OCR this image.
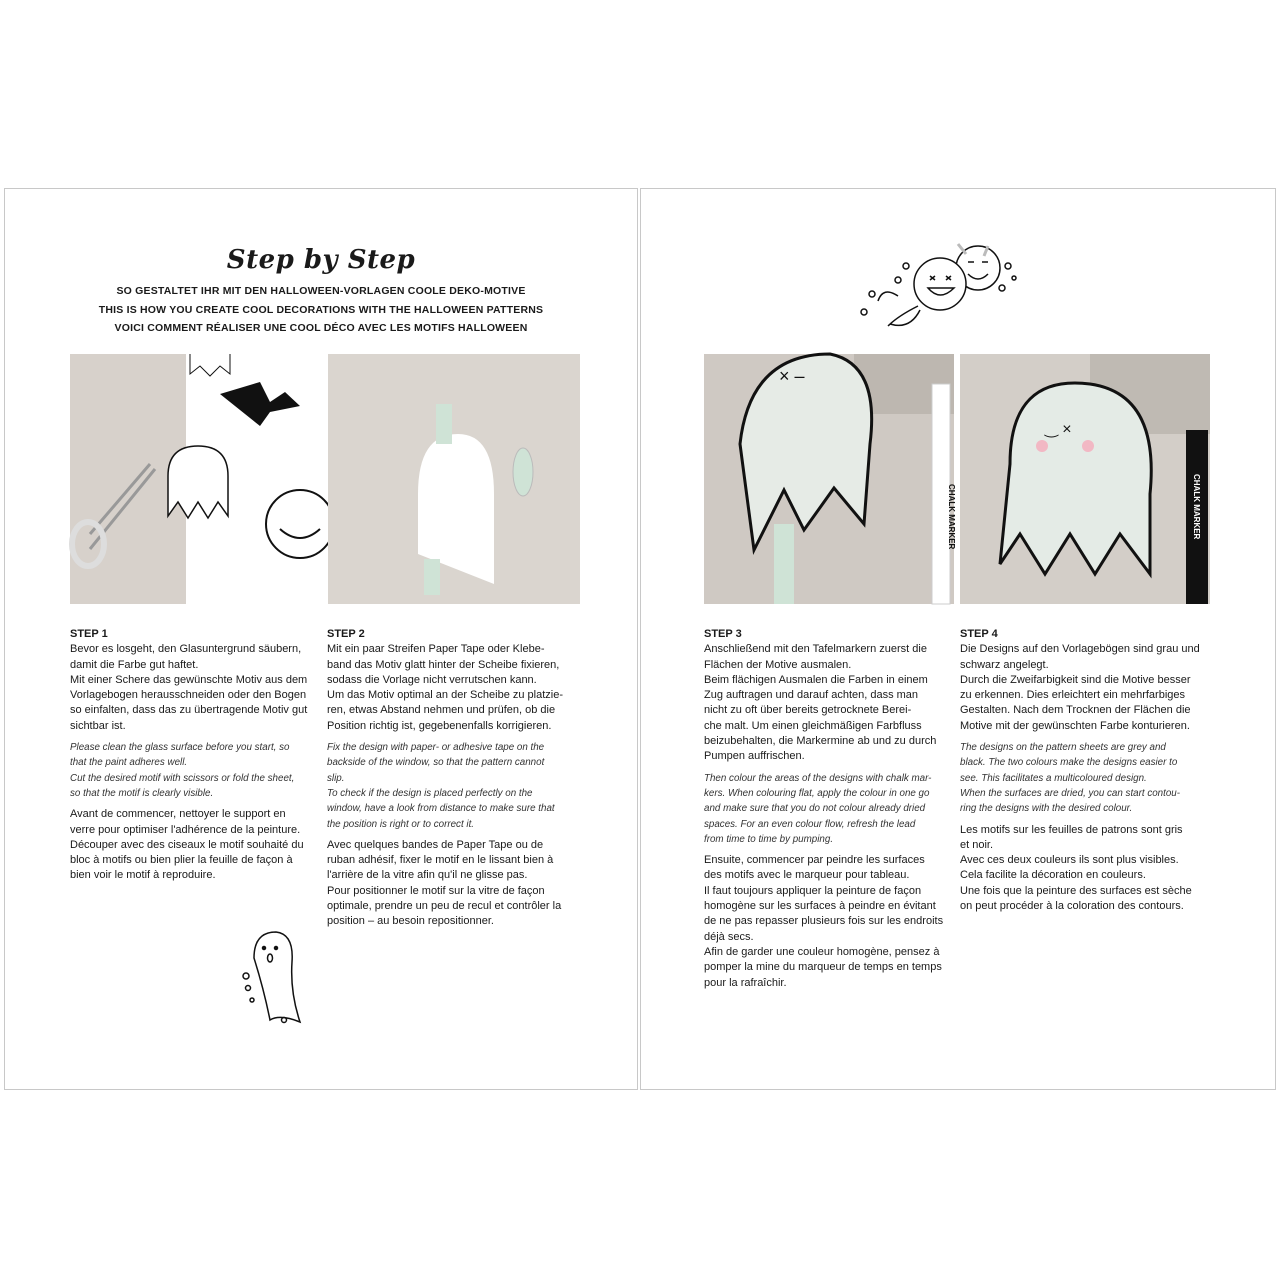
Step by Step
SO GESTALTET IHR MIT DEN HALLOWEEN-VORLAGEN COOLE DEKO-MOTIVE
THIS IS HOW YOU CREATE COOL DECORATIONS WITH THE HALLOWEEN PATTERNS
VOICI COMMENT RÉALISER UNE COOL DÉCO AVEC LES MOTIFS HALLOWEEN
× ‒
CHALK MARKER
‿ ×
CHALK MARKER
STEP 1

Bevor es losgeht, den Glasuntergrund säubern,
damit die Farbe gut haftet.
Mit einer Schere das gewünschte Motiv aus dem
Vorlagebogen herausschneiden oder den Bogen
so einfalten, dass das zu übertragende Motiv gut
sichtbar ist.

Please clean the glass surface before you start, so
that the paint adheres well.
Cut the desired motif with scissors or fold the sheet,
so that the motif is clearly visible.

Avant de commencer, nettoyer le support en
verre pour optimiser l'adhérence de la peinture.
Découper avec des ciseaux le motif souhaité du
bloc à motifs ou bien plier la feuille de façon à
bien voir le motif à reproduire.

STEP 2

Mit ein paar Streifen Paper Tape oder Klebe-
band das Motiv glatt hinter der Scheibe fixieren,
sodass die Vorlage nicht verrutschen kann.
Um das Motiv optimal an der Scheibe zu platzie-
ren, etwas Abstand nehmen und prüfen, ob die
Position richtig ist, gegebenenfalls korrigieren.

Fix the design with paper- or adhesive tape on the
backside of the window, so that the pattern cannot
slip.
To check if the design is placed perfectly on the
window, have a look from distance to make sure that
the position is right or to correct it.

Avec quelques bandes de Paper Tape ou de
ruban adhésif, fixer le motif en le lissant bien à
l'arrière de la vitre afin qu'il ne glisse pas.
Pour positionner le motif sur la vitre de façon
optimale, prendre un peu de recul et contrôler la
position – au besoin repositionner.

STEP 3

Anschließend mit den Tafelmarkern zuerst die
Flächen der Motive ausmalen.
Beim flächigen Ausmalen die Farben in einem
Zug auftragen und darauf achten, dass man
nicht zu oft über bereits getrocknete Berei-
che malt. Um einen gleichmäßigen Farbfluss
beizubehalten, die Markermine ab und zu durch
Pumpen auffrischen.

Then colour the areas of the designs with chalk mar-
kers. When colouring flat, apply the colour in one go
and make sure that you do not colour already dried
spaces. For an even colour flow, refresh the lead
from time to time by pumping.

Ensuite, commencer par peindre les surfaces
des motifs avec le marqueur pour tableau.
Il faut toujours appliquer la peinture de façon
homogène sur les surfaces à peindre en évitant
de ne pas repasser plusieurs fois sur les endroits
déjà secs.
Afin de garder une couleur homogène, pensez à
pomper la mine du marqueur de temps en temps
pour la rafraîchir.

STEP 4

Die Designs auf den Vorlagebögen sind grau und
schwarz angelegt.
Durch die Zweifarbigkeit sind die Motive besser
zu erkennen. Dies erleichtert ein mehrfarbiges
Gestalten. Nach dem Trocknen der Flächen die
Motive mit der gewünschten Farbe konturieren.

The designs on the pattern sheets are grey and
black. The two colours make the designs easier to
see. This facilitates a multicoloured design.
When the surfaces are dried, you can start contou-
ring the designs with the desired colour.

Les motifs sur les feuilles de patrons sont gris
et noir.
Avec ces deux couleurs ils sont plus visibles.
Cela facilite la décoration en couleurs.
Une fois que la peinture des surfaces est sèche
on peut procéder à la coloration des contours.
